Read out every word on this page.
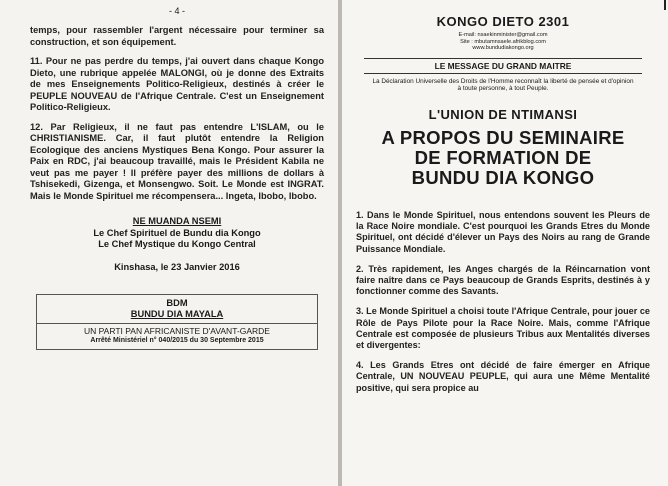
- 4 -

temps, pour rassembler l'argent nécessaire pour terminer sa construction, et son équipement.

11. Pour ne pas perdre du temps, j'ai ouvert dans chaque Kongo Dieto, une rubrique appelée MALONGI, où je donne des Extraits de mes Enseignements Politico-Religieux, destinés à créer le PEUPLE NOUVEAU de l'Afrique Centrale. C'est un Enseignement Politico-Religieux.

12. Par Religieux, il ne faut pas entendre L'ISLAM, ou le CHRISTIANISME. Car, il faut plutôt entendre la Religion Ecologique des anciens Mystiques Bena Kongo. Pour assurer la Paix en RDC, j'ai beaucoup travaillé, mais le Président Kabila ne veut pas me payer ! Il préfère payer des millions de dollars à Tshisekedi, Gizenga, et Monsengwo. Soit. Le Monde est INGRAT. Mais le Monde Spirituel me récompensera... Ingeta, Ibobo, Ibobo.

NE MUANDA NSEMI
Le Chef Spirituel de Bundu dia Kongo
Le Chef Mystique du Kongo Central
Kinshasa, le 23 Janvier 2016
BDM
BUNDU DIA MAYALA
UN PARTI PAN AFRICANISTE D'AVANT-GARDE
Arrêté Ministériel n° 040/2015 du 30 Septembre 2015
KONGO DIETO 2301
E-mail: nsaekinminister@gmail.com
Site : mbutamnsaele.afrikblog.com
www.bundudiakongo.org
LE MESSAGE DU GRAND MAITRE
La Déclaration Universelle des Droits de l'Homme reconnaît la liberté de pensée et d'opinion à toute personne, à tout Peuple.
L'UNION DE NTIMANSI
A PROPOS DU SEMINAIRE
DE FORMATION DE
BUNDU DIA KONGO

1. Dans le Monde Spirituel, nous entendons souvent les Pleurs de la Race Noire mondiale. C'est pourquoi les Grands Etres du Monde Spirituel, ont décidé d'élever un Pays des Noirs au rang de Grande Puissance Mondiale.

2. Très rapidement, les Anges chargés de la Réincarnation vont faire naître dans ce Pays beaucoup de Grands Esprits, destinés à y fonctionner comme des Savants.

3. Le Monde Spirituel a choisi toute l'Afrique Centrale, pour jouer ce Rôle de Pays Pilote pour la Race Noire. Mais, comme l'Afrique Centrale est composée de plusieurs Tribus aux Mentalités diverses et divergentes:

4. Les Grands Etres ont décidé de faire émerger en Afrique Centrale, UN NOUVEAU PEUPLE, qui aura une Même Mentalité positive, qui sera propice au
